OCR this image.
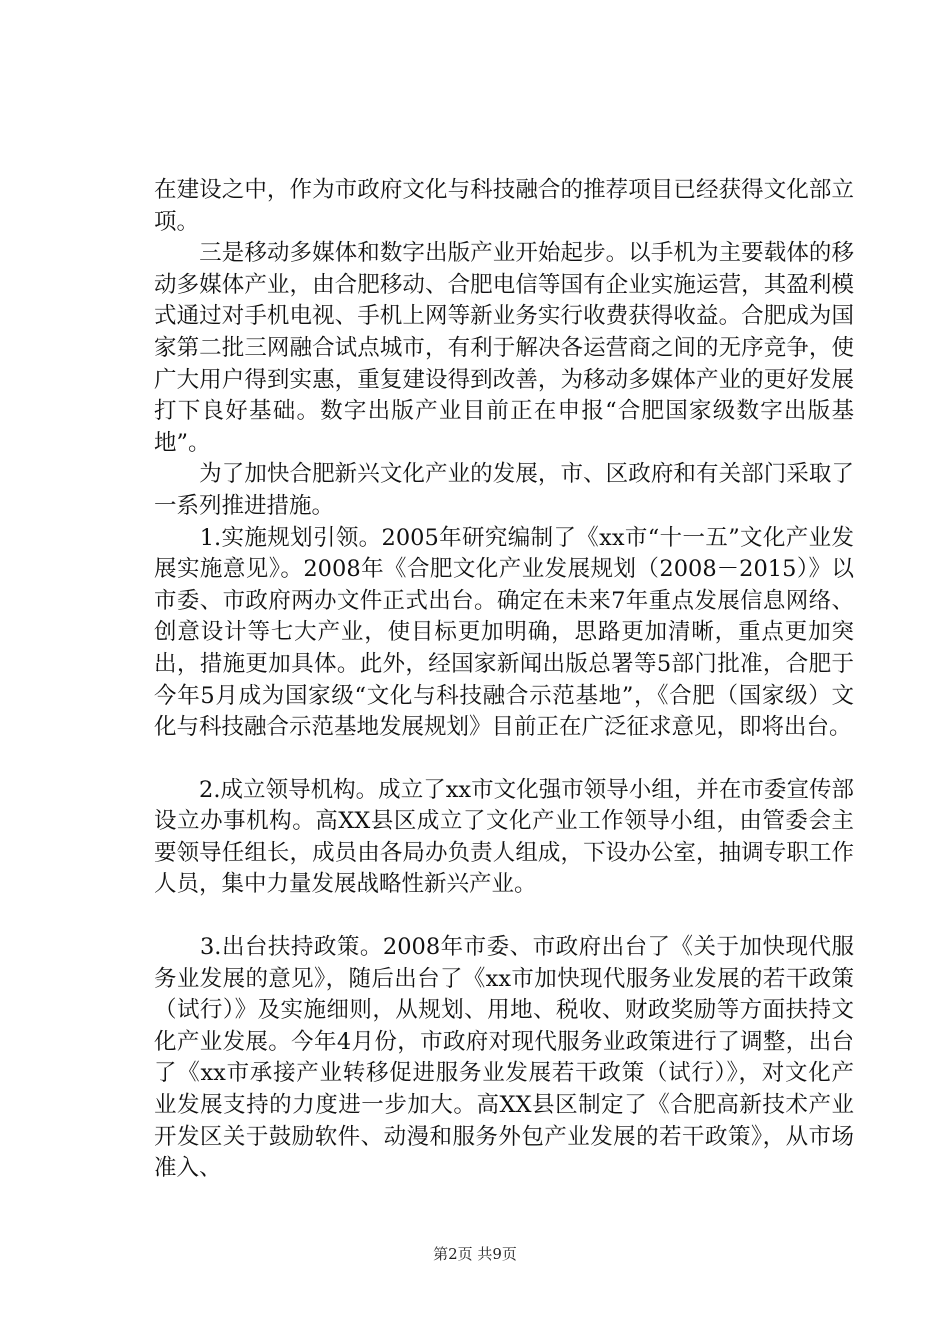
在建设之中，作为市政府文化与科技融合的推荐项目已经获得文化部立项。

　　三是移动多媒体和数字出版产业开始起步。以手机为主要载体的移动多媒体产业，由合肥移动、合肥电信等国有企业实施运营，其盈利模式通过对手机电视、手机上网等新业务实行收费获得收益。合肥成为国家第二批三网融合试点城市，有利于解决各运营商之间的无序竞争，使广大用户得到实惠，重复建设得到改善，为移动多媒体产业的更好发展打下良好基础。数字出版产业目前正在申报“合肥国家级数字出版基地”。

　　为了加快合肥新兴文化产业的发展，市、区政府和有关部门采取了一系列推进措施。

　　1.实施规划引领。2005年研究编制了《xx市“十一五”文化产业发展实施意见》。2008年《合肥文化产业发展规划（2008－2015）》以市委、市政府两办文件正式出台。确定在未来7年重点发展信息网络、创意设计等七大产业，使目标更加明确，思路更加清晰，重点更加突出，措施更加具体。此外，经国家新闻出版总署等5部门批准，合肥于今年5月成为国家级“文化与科技融合示范基地”，《合肥（国家级）文化与科技融合示范基地发展规划》目前正在广泛征求意见，即将出台。

　　2.成立领导机构。成立了xx市文化强市领导小组，并在市委宣传部设立办事机构。高XX县区成立了文化产业工作领导小组，由管委会主要领导任组长，成员由各局办负责人组成，下设办公室，抽调专职工作人员，集中力量发展战略性新兴产业。

　　3.出台扶持政策。2008年市委、市政府出台了《关于加快现代服务业发展的意见》，随后出台了《xx市加快现代服务业发展的若干政策（试行）》及实施细则，从规划、用地、税收、财政奖励等方面扶持文化产业发展。今年4月份，市政府对现代服务业政策进行了调整，出台了《xx市承接产业转移促进服务业发展若干政策（试行）》，对文化产业发展支持的力度进一步加大。高XX县区制定了《合肥高新技术产业开发区关于鼓励软件、动漫和服务外包产业发展的若干政策》，从市场准入、

第2页 共9页
